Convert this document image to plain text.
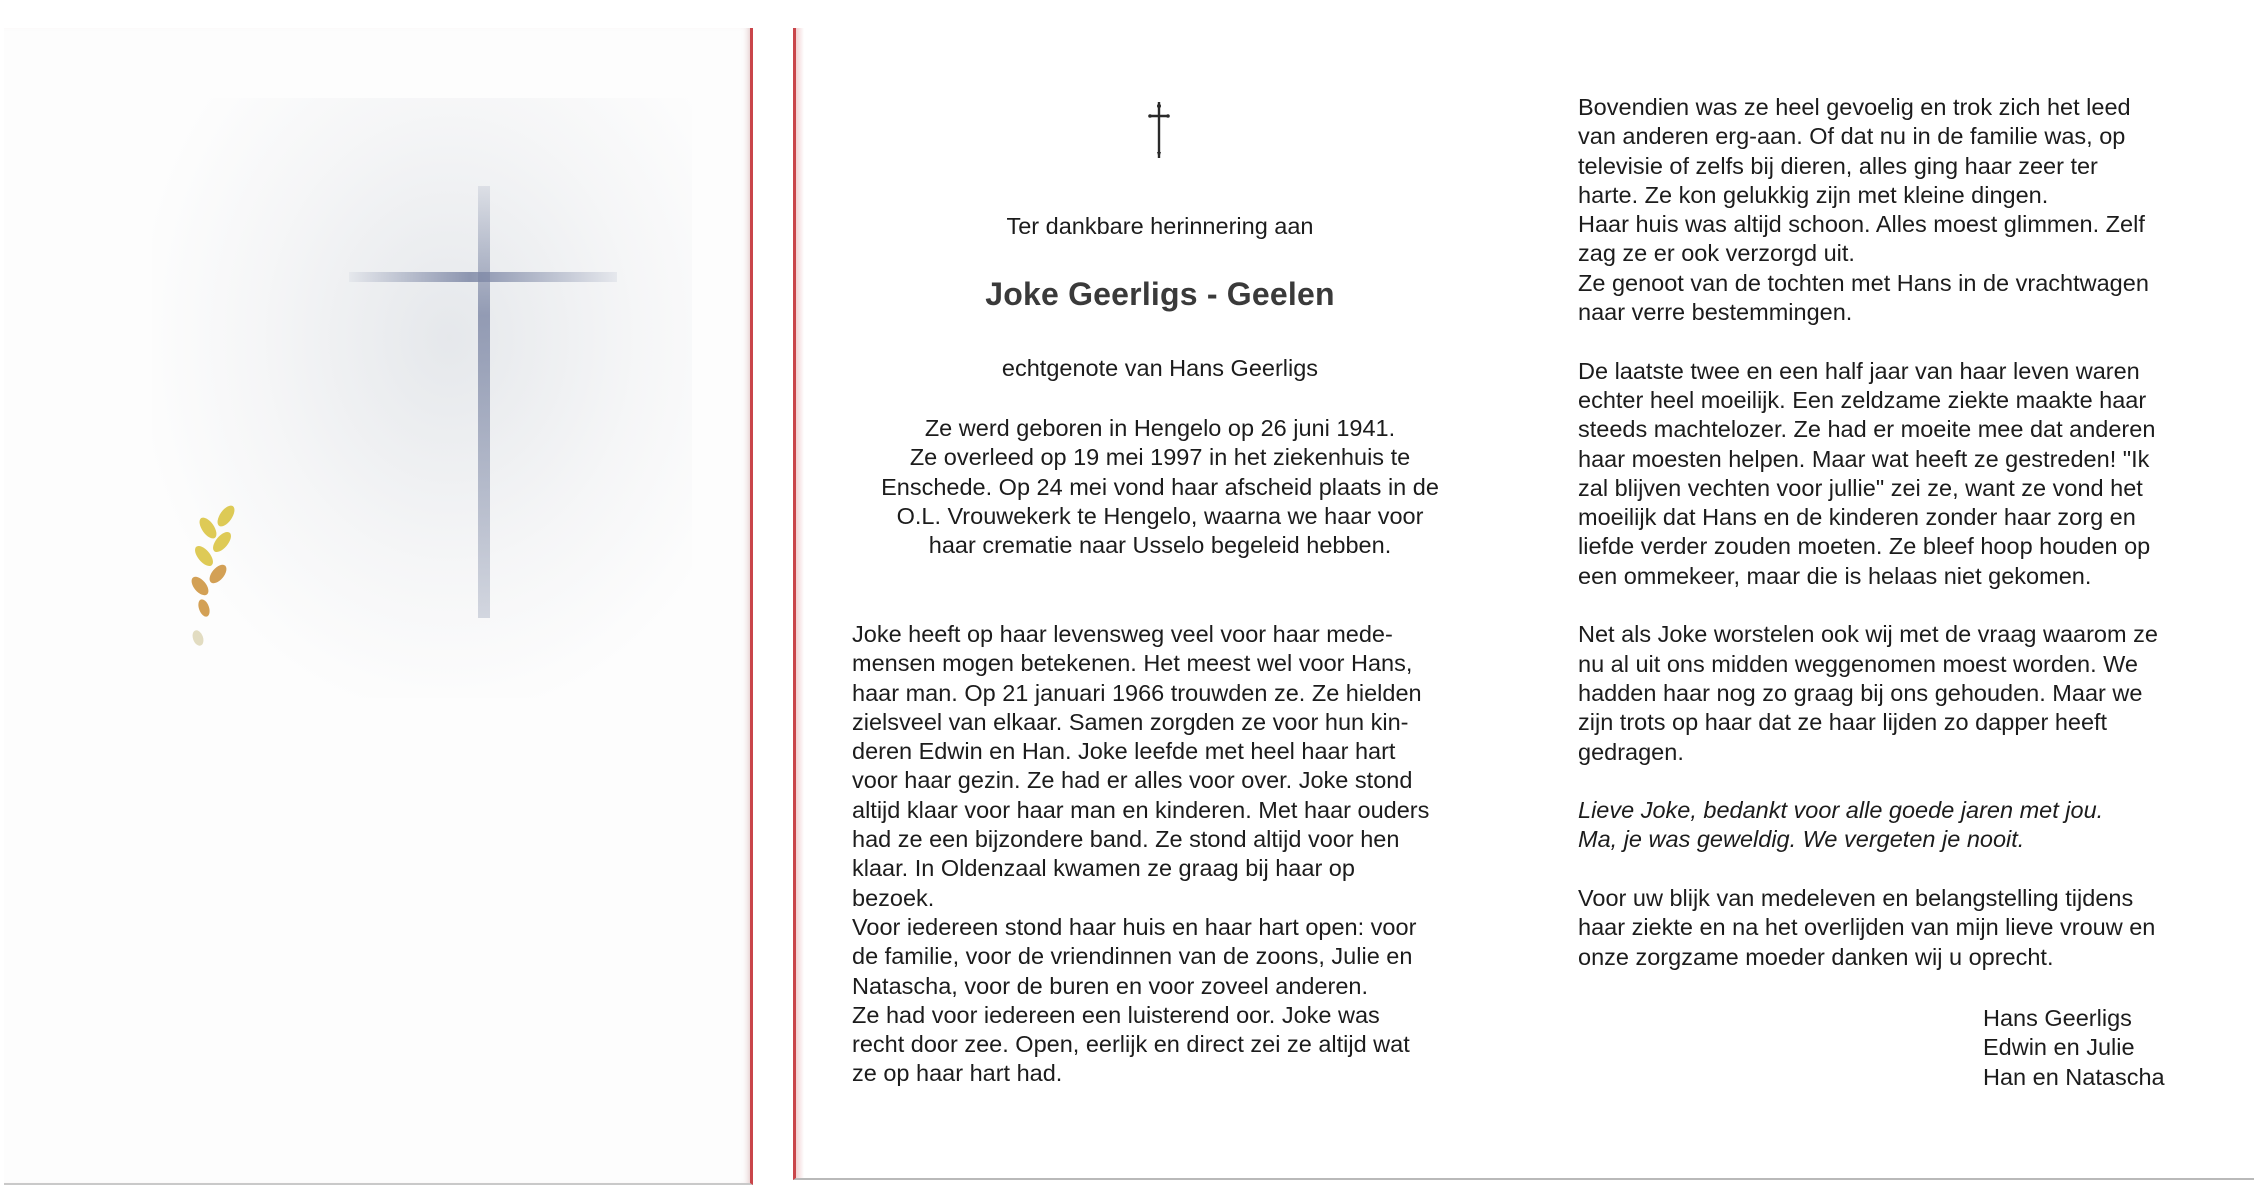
Ter dankbare herinnering aan

Joke Geerligs - Geelen

echtgenote van Hans Geerligs

Ze werd geboren in Hengelo op 26 juni 1941.

Ze overleed op 19 mei 1997 in het ziekenhuis te

Enschede. Op 24 mei vond haar afscheid plaats in de

O.L. Vrouwekerk te Hengelo, waarna we haar voor

haar crematie naar Usselo begeleid hebben.

Joke heeft op haar levensweg veel voor haar mede-

mensen mogen betekenen. Het meest wel voor Hans,

haar man. Op 21 januari 1966 trouwden ze. Ze hielden

zielsveel van elkaar. Samen zorgden ze voor hun kin-

deren Edwin en Han. Joke leefde met heel haar hart

voor haar gezin. Ze had er alles voor over. Joke stond

altijd klaar voor haar man en kinderen. Met haar ouders

had ze een bijzondere band. Ze stond altijd voor hen

klaar. In Oldenzaal kwamen ze graag bij haar op

bezoek.

Voor iedereen stond haar huis en haar hart open: voor

de familie, voor de vriendinnen van de zoons, Julie en

Natascha, voor de buren en voor zoveel anderen.

Ze had voor iedereen een luisterend oor. Joke was

recht door zee. Open, eerlijk en direct zei ze altijd wat

ze op haar hart had.

Bovendien was ze heel gevoelig en trok zich het leed

van anderen erg-aan. Of dat nu in de familie was, op

televisie of zelfs bij dieren, alles ging haar zeer ter

harte. Ze kon gelukkig zijn met kleine dingen.

Haar huis was altijd schoon. Alles moest glimmen. Zelf

zag ze er ook verzorgd uit.

Ze genoot van de tochten met Hans in de vrachtwagen

naar verre bestemmingen.

De laatste twee en een half jaar van haar leven waren

echter heel moeilijk. Een zeldzame ziekte maakte haar

steeds machtelozer. Ze had er moeite mee dat anderen

haar moesten helpen. Maar wat heeft ze gestreden! "Ik

zal blijven vechten voor jullie" zei ze, want ze vond het

moeilijk dat Hans en de kinderen zonder haar zorg en

liefde verder zouden moeten. Ze bleef hoop houden op

een ommekeer, maar die is helaas niet gekomen.

Net als Joke worstelen ook wij met de vraag waarom ze

nu al uit ons midden weggenomen moest worden. We

hadden haar nog zo graag bij ons gehouden. Maar we

zijn trots op haar dat ze haar lijden zo dapper heeft

gedragen.

Lieve Joke, bedankt voor alle goede jaren met jou.

Ma, je was geweldig. We vergeten je nooit.

Voor uw blijk van medeleven en belangstelling tijdens

haar ziekte en na het overlijden van mijn lieve vrouw en

onze zorgzame moeder danken wij u oprecht.

Hans Geerligs

Edwin en Julie

Han en Natascha
